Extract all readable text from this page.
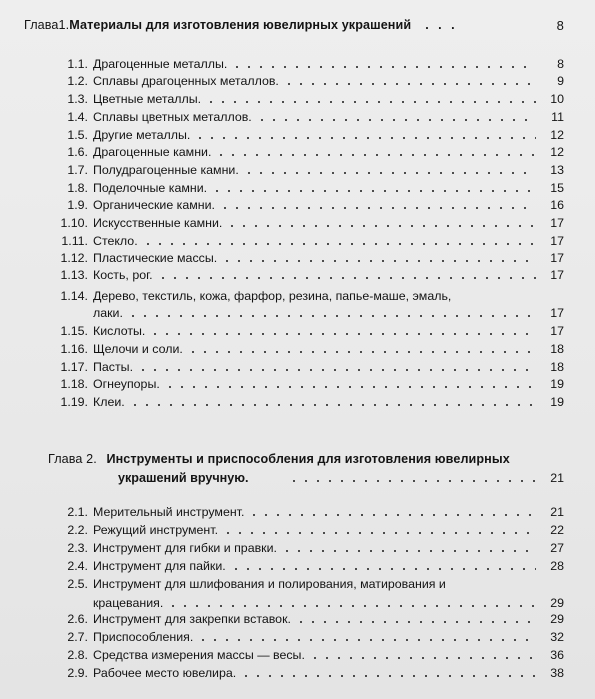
Глава1.Материалы для изготовления ювелирных украшений . . .	8
1.1. Драгоценные металлы.	8
1.2. Сплавы драгоценных металлов.	9
1.3. Цветные металлы.	10
1.4. Сплавы цветных металлов.	11
1.5. Другие металлы.	12
1.6. Драгоценные камни.	12
1.7. Полудрагоценные камни.	13
1.8. Поделочные камни.	15
1.9. Органические камни.	16
1.10. Искусственные камни.	17
1.11. Стекло.	17
1.12. Пластические массы.	17
1.13. Кость, рог.	17
1.14. Дерево, текстиль, кожа, фарфор, резина, папье-маше, эмаль,
лаки.	17
1.15. Кислоты.	17
1.16. Щелочи и соли.	18
1.17. Пасты.	18
1.18. Огнеупоры.	19
1.19. Клеи.	19
Глава 2. Инструменты и приспособления для изготовления ювелирных
украшений вручную.	21
2.1. Мерительный инструмент.	21
2.2. Режущий инструмент.	22
2.3. Инструмент для гибки и правки.	27
2.4. Инструмент для пайки.	28
2.5. Инструмент для шлифования и полирования, матирования и
крацевания.	29
2.6. Инструмент для закрепки вставок.	29
2.7. Приспособления.	32
2.8. Средства измерения массы — весы.	36
2.9. Рабочее место ювелира.	38
